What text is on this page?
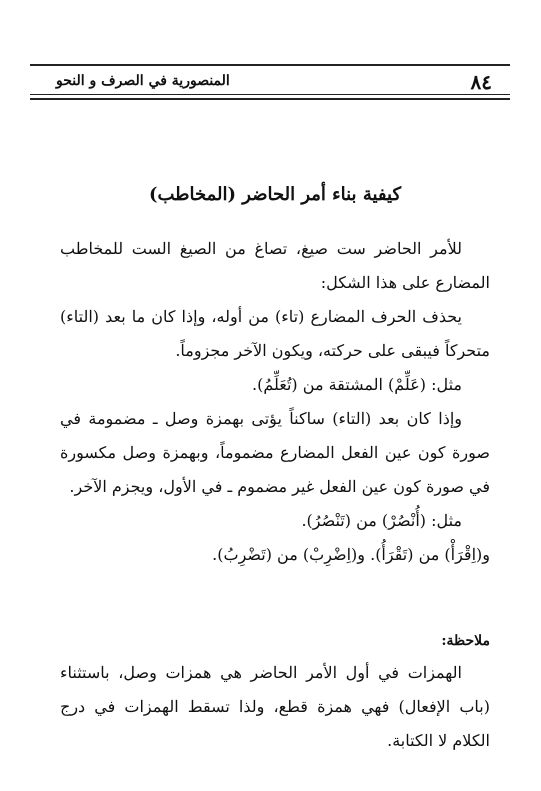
٨٤
المنصورية في الصرف و النحو
كيفية بناء أمر الحاضر (المخاطب)

للأمر الحاضر ست صيغ، تصاغ من الصيغ الست للمخاطب المضارع على هذا الشكل:

يحذف الحرف المضارع (تاء) من أوله، وإذا كان ما بعد (التاء) متحركاً فيبقى على حركته، ويكون الآخر مجزوماً.

مثل: (عَلِّمْ) المشتقة من (تُعَلِّمُ).

وإذا كان بعد (التاء) ساكناً يؤتى بهمزة وصل ـ مضمومة في صورة كون عين الفعل المضارع مضموماً، وبهمزة وصل مكسورة في صورة كون عين الفعل غير مضموم ـ في الأول، ويجزم الآخر.

مثل: (أُنْصُرْ) من (تَنْصُرُ).

و(اِقْرَأْ) من (تَقْرَأُ). و(اِضْرِبْ) من (تَضْرِبُ).

ملاحظة:

الهمزات في أول الأمر الحاضر هي همزات وصل، باستثناء (باب الإفعال) فهي همزة قطع، ولذا تسقط الهمزات في درج الكلام لا الكتابة.
